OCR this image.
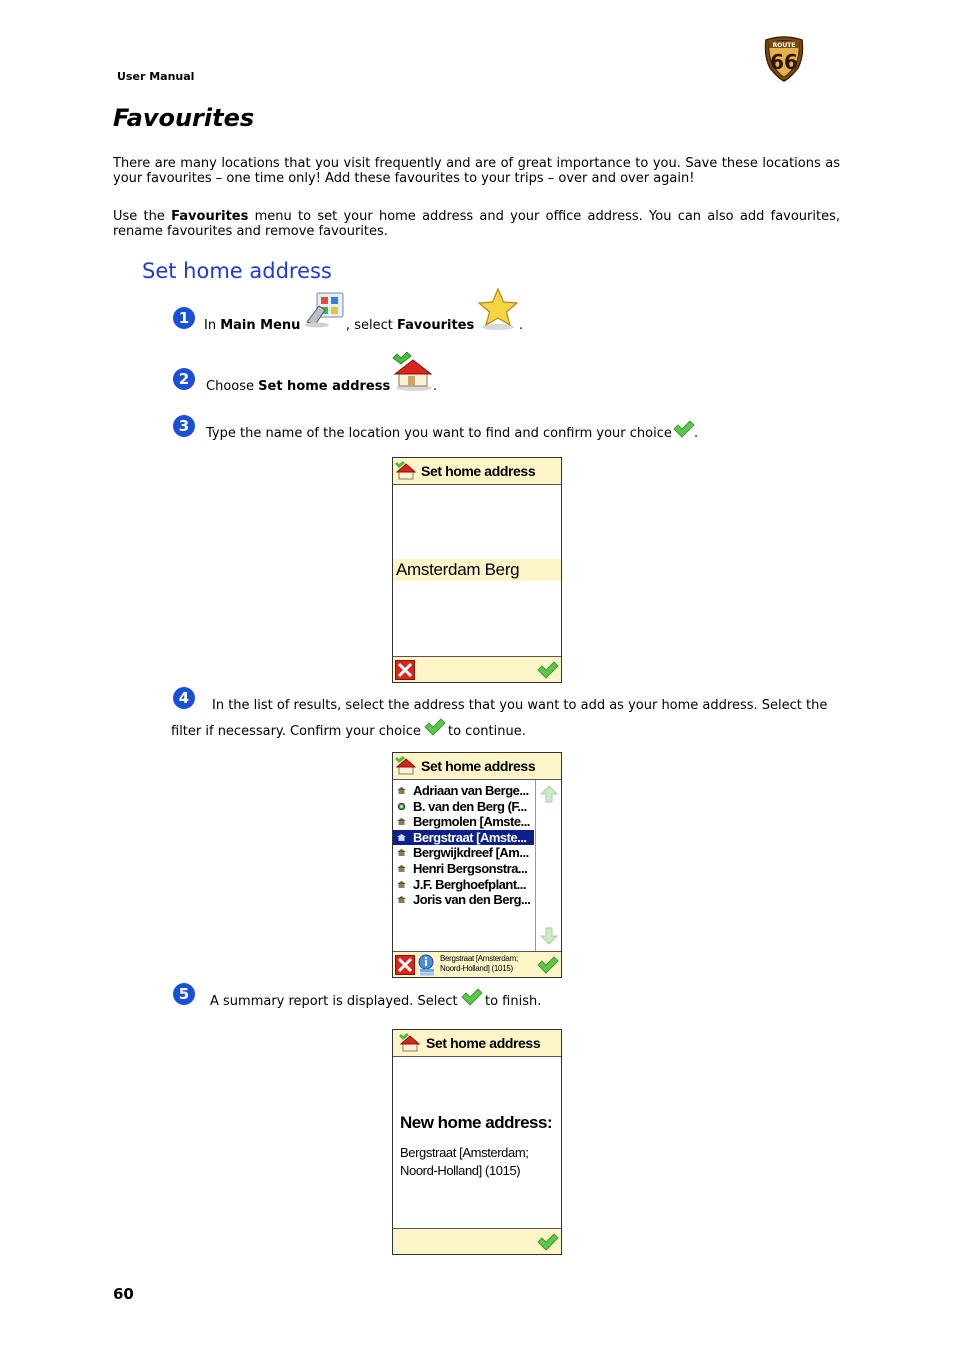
User Manual
ROUTE
66
Favourites
There are many locations that you visit frequently and are of great importance to you. Save these locations as your favourites – one time only! Add these favourites to your trips – over and over again!
Use the Favourites menu to set your home address and your office address. You can also add favourites, rename favourites and remove favourites.
Set home address
1	In Main Menu	, select Favourites	.
2	Choose Set home address	.
3	Type the name of the location you want to find and confirm your choice .
Set home address
Amsterdam Berg
4	In the list of results, select the address that you want to add as your home address. Select the
filter if necessary. Confirm your choice to continue.
Set home address
Adriaan van Berge...
B. van den Berg (F...
Bergmolen [Amste...
Bergstraat [Amste...
Bergwijkdreef [Am...
Henri Bergsonstra...
J.F. Berghoefplant...
Joris van den Berg...
Bergstraat [Amsterdam;
Noord-Holland] (1015)
5	A summary report is displayed. Select to finish.
Set home address
New home address:
Bergstraat [Amsterdam;
Noord-Holland] (1015)
60
